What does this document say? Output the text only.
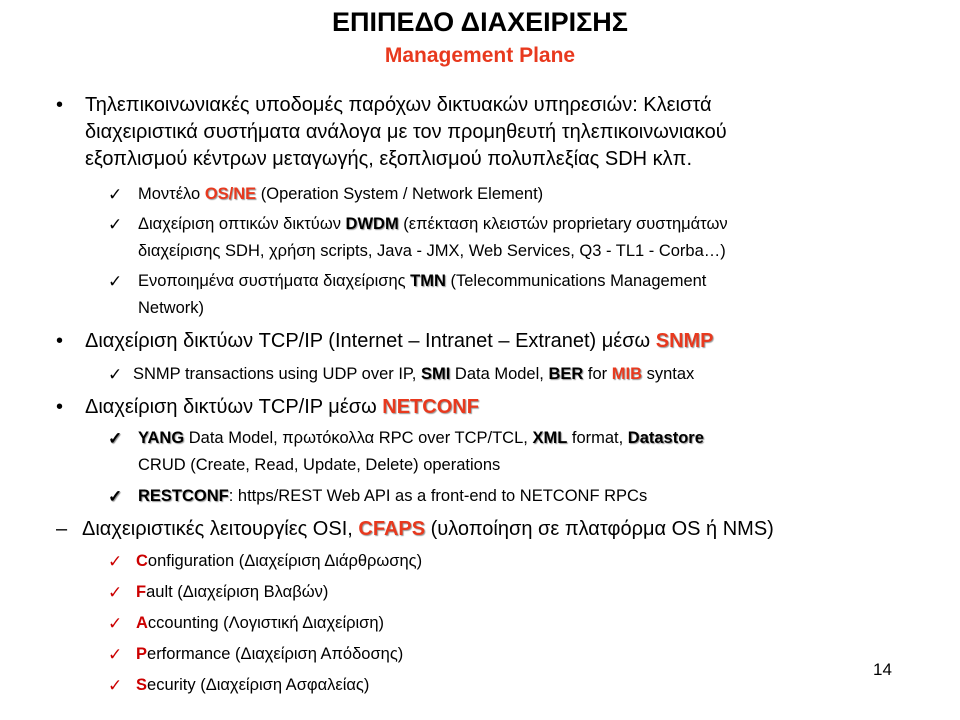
ΕΠΙΠΕΔΟ ΔΙΑΧΕΙΡΙΣΗΣ
Management Plane
• Τηλεπικοινωνιακές υποδομές παρόχων δικτυακών υπηρεσιών: Κλειστά
διαχειριστικά συστήματα ανάλογα με τον προμηθευτή τηλεπικοινωνιακού
εξοπλισμού κέντρων μεταγωγής, εξοπλισμού πολυπλεξίας SDH κλπ.
✓ Μοντέλο OS/NE (Operation System / Network Element)
✓ Διαχείριση οπτικών δικτύων DWDM (επέκταση κλειστών proprietary συστημάτων
διαχείρισης SDH, χρήση scripts, Java - JMX, Web Services, Q3 - TL1 - Corba…)
✓ Ενοποιημένα συστήματα διαχείρισης TMN (Telecommunications Management
Network)
• Διαχείριση δικτύων TCP/IP (Internet – Intranet – Extranet) μέσω SNMP
✓ SNMP transactions using UDP over IP, SMI Data Model, BER for MIB syntax
• Διαχείριση δικτύων TCP/IP μέσω NETCONF
✓ YANG Data Model, πρωτόκολλα RPC over TCP/TCL, XML format, Datastore
CRUD (Create, Read, Update, Delete) operations
✓ RESTCONF: https/REST Web API as a front-end to NETCONF RPCs
– Διαχειριστικές λειτουργίες OSI, CFAPS (υλοποίηση σε πλατφόρμα OS ή NMS)
✓ Configuration (Διαχείριση Διάρθρωσης)
✓ Fault (Διαχείριση Βλαβών)
✓ Accounting (Λογιστική Διαχείριση)
✓ Performance (Διαχείριση Απόδοσης)
✓ Security (Διαχείριση Ασφαλείας)
14
